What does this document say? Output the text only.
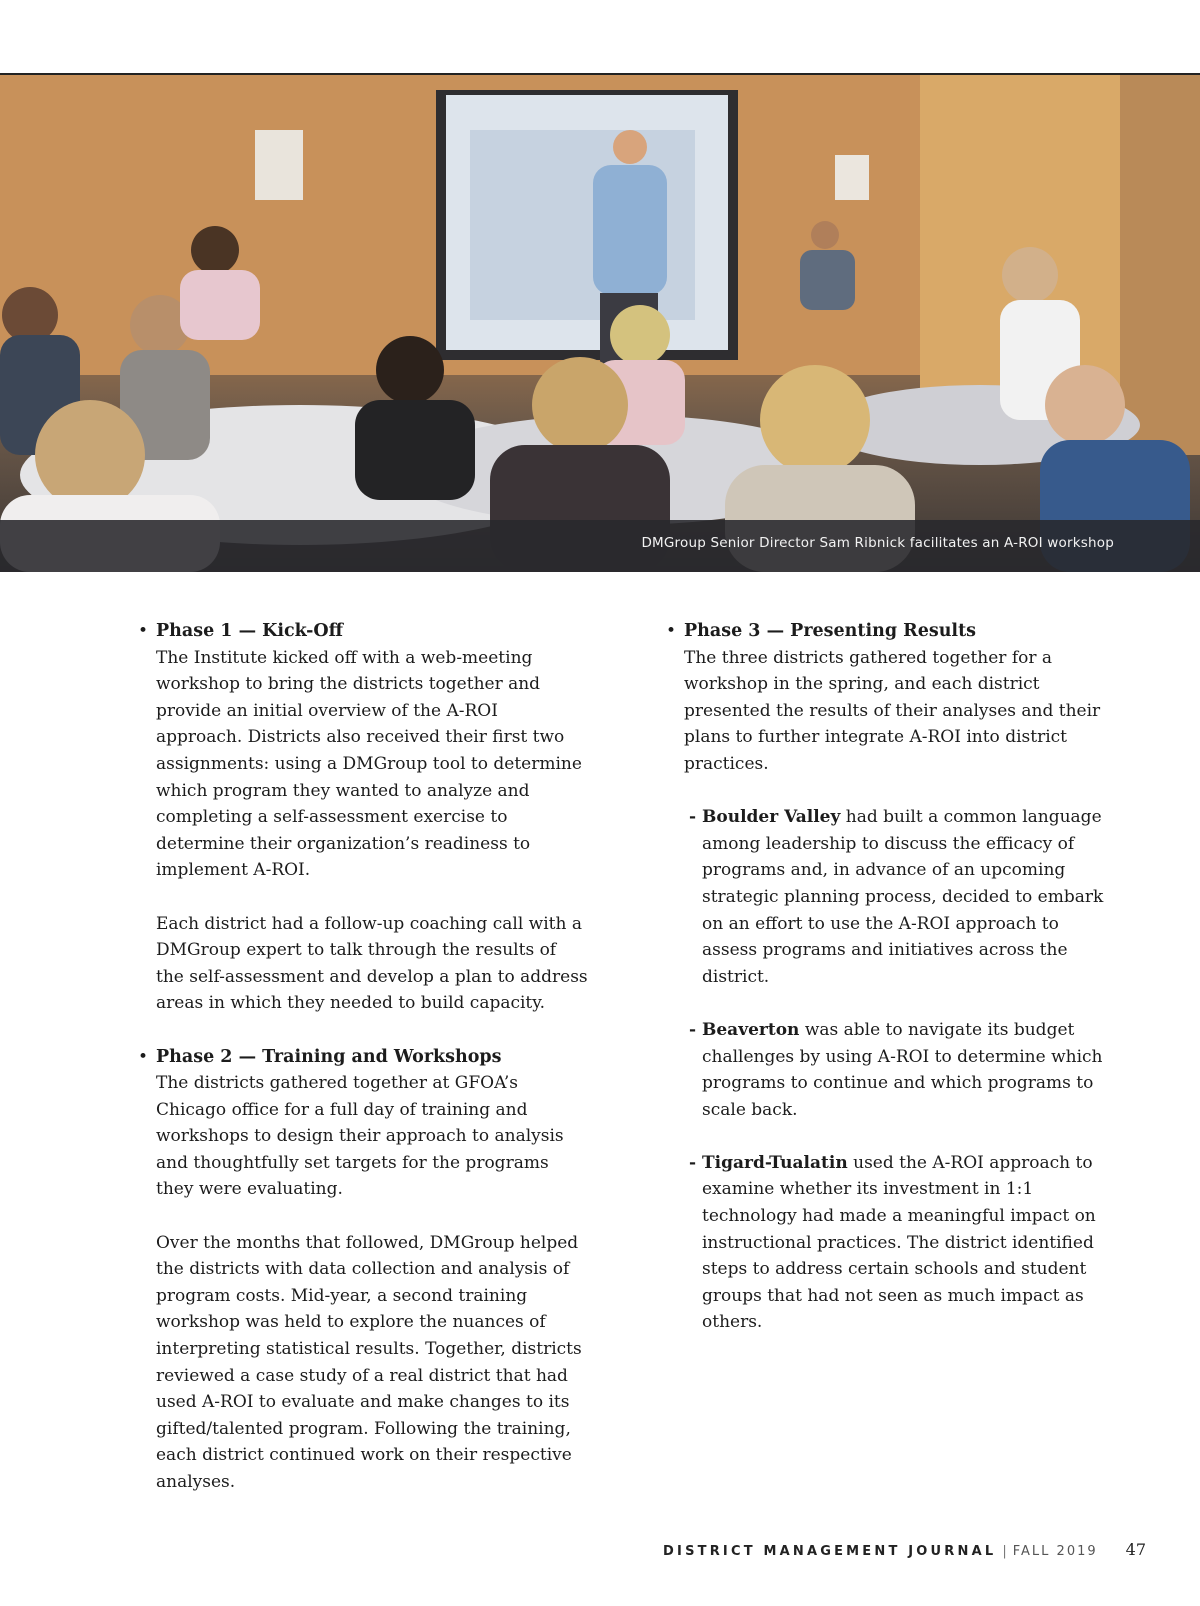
DMGroup Senior Director Sam Ribnick facilitates an A-ROI workshop
• Phase 1 — Kick-Off

The Institute kicked off with a web-meeting workshop to bring the districts together and provide an initial overview of the A-ROI approach. Districts also received their first two assignments: using a DMGroup tool to determine which program they wanted to analyze and completing a self-assessment exercise to determine their organization’s readiness to implement A-ROI.

Each district had a follow-up coaching call with a DMGroup expert to talk through the results of the self-assessment and develop a plan to address areas in which they needed to build capacity.

• Phase 2 — Training and Workshops

The districts gathered together at GFOA’s Chicago office for a full day of training and workshops to design their approach to analysis and thoughtfully set targets for the programs they were evaluating.

Over the months that followed, DMGroup helped the districts with data collection and analysis of program costs. Mid-year, a second training workshop was held to explore the nuances of interpreting statistical results. Together, districts reviewed a case study of a real district that had used A-ROI to evaluate and make changes to its gifted/talented program. Following the training, each district continued work on their respective analyses.

• Phase 3 — Presenting Results

The three districts gathered together for a workshop in the spring, and each district presented the results of their analyses and their plans to further integrate A-ROI into district practices.

- Boulder Valley had built a common language among leadership to discuss the efficacy of programs and, in advance of an upcoming strategic planning process, decided to embark on an effort to use the A-ROI approach to assess programs and initiatives across the district.

- Beaverton was able to navigate its budget challenges by using A-ROI to determine which programs to continue and which programs to scale back.

- Tigard-Tualatin used the A-ROI approach to examine whether its investment in 1:1 technology had made a meaningful impact on instructional practices. The district identified steps to address certain schools and student groups that had not seen as much impact as others.

DISTRICT MANAGEMENT JOURNAL | FALL 2019 47
